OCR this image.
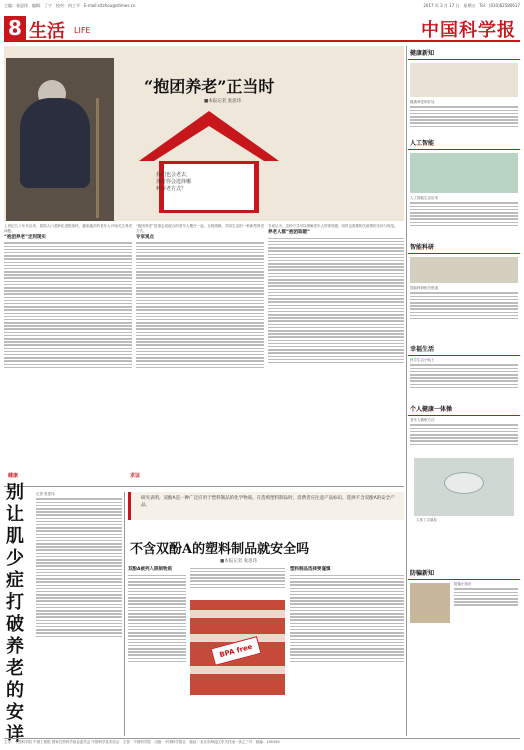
主编：张思玮　编辑：丁宁　校对：何工平　E-mail:sitzhou@stimes.cn	2017 年 3 月 17 日　星期五　Tel：(010)62580617
8 生活 LIFE	中国科学报
“抱团养老”正当时
■本报记者 张思玮
我们也会老去，那时你会选择哪种养老方式？
上世纪九十年代以来，我国人口老龄化进程加快，越来越多的老年人开始关注养老问题。
“抱团养老”走到现实
“抱团养老”是指志同道合的老年人聚在一起，互相照顾、共同生活的一种新型养老方式。
专家观点
专家认为，这种方式可以缓解老年人的孤独感，同时也需要相关政策的支持与规范。
养老人群“抱团取暖”
健康新知
健康养老的好处
人工智能
人工智能生活应用
智能科研
智能科研相关报道
幸福生活
科学生活小贴士
个人健康一体操
老年人锻炼方法
防骗新知
防骗小知识
健康
别让肌少症打破养老的安详
记者 张思玮
研究表明，双酚A是一种广泛应用于塑料制品的化学物质。在选购塑料制品时，消费者应注意产品标识，选择不含双酚A的安全产品。
求证
不含双酚A的塑料制品就安全吗
■本报记者 张思玮
双酚A被列入限制物质
BPA free
塑料制品选择要谨慎
人体工学鼠标
主办：中国科学院 中国工程院 国家自然科学基金委员会 中国科学技术协会　主管：中国科学院　出版：中国科学报社　地址：北京市海淀区中关村南一条乙三号　邮编：100190
